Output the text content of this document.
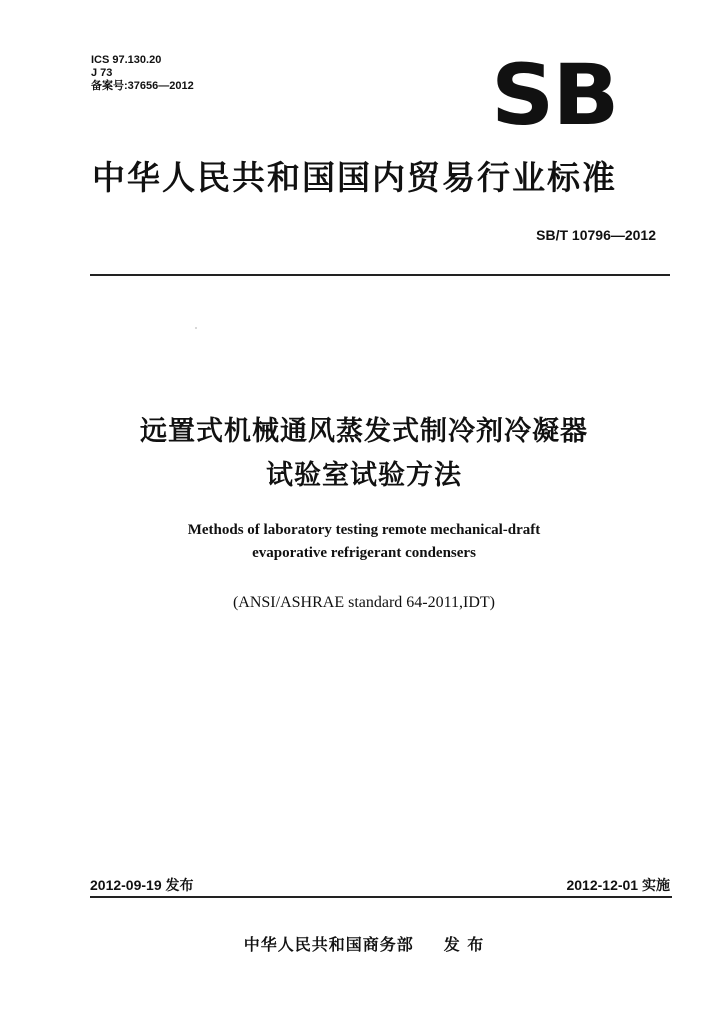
ICS 97.130.20
J 73
备案号:37656—2012	SB
中华人民共和国国内贸易行业标准
SB/T 10796—2012
远置式机械通风蒸发式制冷剂冷凝器
试验室试验方法
Methods of laboratory testing remote mechanical-draft
evaporative refrigerant condensers
(ANSI/ASHRAE standard 64-2011,IDT)
2012-09-19 发布	2012-12-01 实施
中华人民共和国商务部 发 布
